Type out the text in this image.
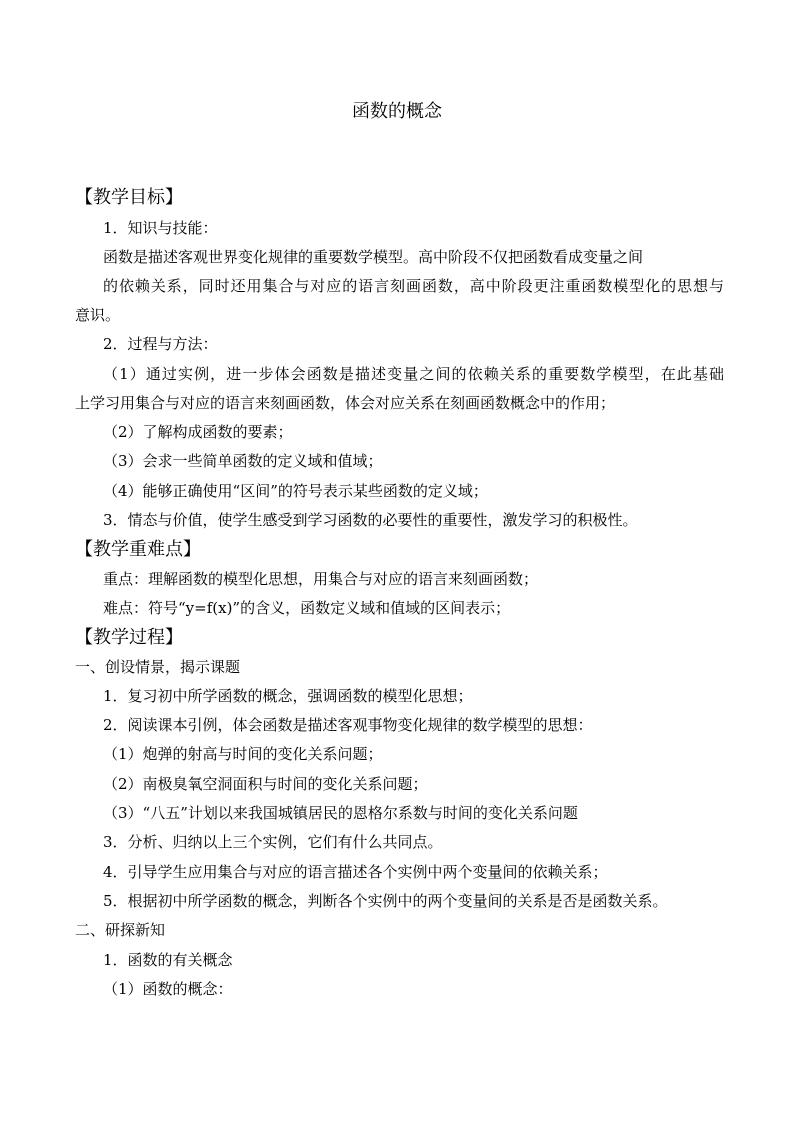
函数的概念
【教学目标】
1．知识与技能：
函数是描述客观世界变化规律的重要数学模型。高中阶段不仅把函数看成变量之间
的依赖关系，同时还用集合与对应的语言刻画函数，高中阶段更注重函数模型化的思想与
意识。
2．过程与方法：
（1）通过实例，进一步体会函数是描述变量之间的依赖关系的重要数学模型，在此基础
上学习用集合与对应的语言来刻画函数，体会对应关系在刻画函数概念中的作用；
（2）了解构成函数的要素；
（3）会求一些简单函数的定义域和值域；
（4）能够正确使用“区间”的符号表示某些函数的定义域；
3．情态与价值，使学生感受到学习函数的必要性的重要性，激发学习的积极性。
【教学重难点】
重点：理解函数的模型化思想，用集合与对应的语言来刻画函数；
难点：符号“y=f(x)”的含义，函数定义域和值域的区间表示；
【教学过程】
一、创设情景，揭示课题
1．复习初中所学函数的概念，强调函数的模型化思想；
2．阅读课本引例，体会函数是描述客观事物变化规律的数学模型的思想：
（1）炮弹的射高与时间的变化关系问题；
（2）南极臭氧空洞面积与时间的变化关系问题；
（3）“八五”计划以来我国城镇居民的恩格尔系数与时间的变化关系问题
3．分析、归纳以上三个实例，它们有什么共同点。
4．引导学生应用集合与对应的语言描述各个实例中两个变量间的依赖关系；
5．根据初中所学函数的概念，判断各个实例中的两个变量间的关系是否是函数关系。
二、研探新知
1．函数的有关概念
（1）函数的概念：
